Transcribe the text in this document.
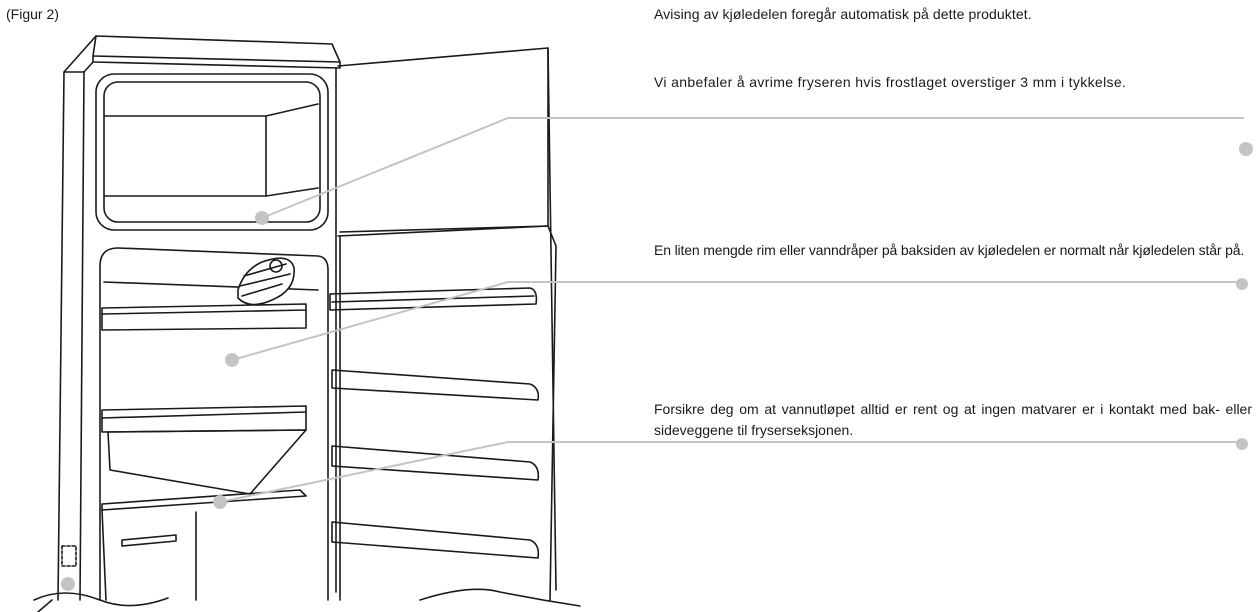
(Figur 2)	Avising av kjøledelen foregår automatisk på dette produktet.

Vi anbefaler å avrime fryseren hvis frostlaget overstiger 3 mm i tykkelse.

En liten mengde rim eller vanndråper på baksiden av kjøledelen er normalt når kjøledelen står på.

Forsikre deg om at vannutløpet alltid er rent og at ingen matvarer er i kontakt med bak- eller sideveggene til fryserseksjonen.
